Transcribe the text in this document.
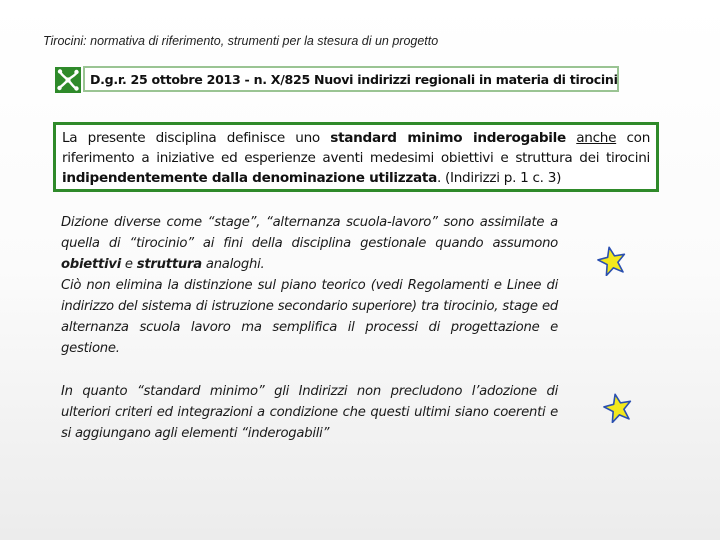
Tirocini: normativa di riferimento, strumenti per la stesura di un progetto
D.g.r. 25 ottobre 2013 - n. X/825 Nuovi indirizzi regionali in materia di tirocini
La presente disciplina definisce uno standard minimo inderogabile anche con riferimento a iniziative ed esperienze aventi medesimi obiettivi e struttura dei tirocini indipendentemente dalla denominazione utilizzata. (Indirizzi p. 1 c. 3)

Dizione diverse come “stage”, “alternanza scuola-lavoro” sono assimilate a quella di “tirocinio” ai fini della disciplina gestionale quando assumono obiettivi e struttura analoghi.

Ciò non elimina la distinzione sul piano teorico (vedi Regolamenti e Linee di indirizzo del sistema di istruzione secondario superiore) tra tirocinio, stage ed alternanza scuola lavoro ma semplifica il processi di progettazione e gestione.

In quanto “standard minimo” gli Indirizzi non precludono l’adozione di ulteriori criteri ed integrazioni a condizione che questi ultimi siano coerenti e si aggiungano agli elementi “inderogabili”
